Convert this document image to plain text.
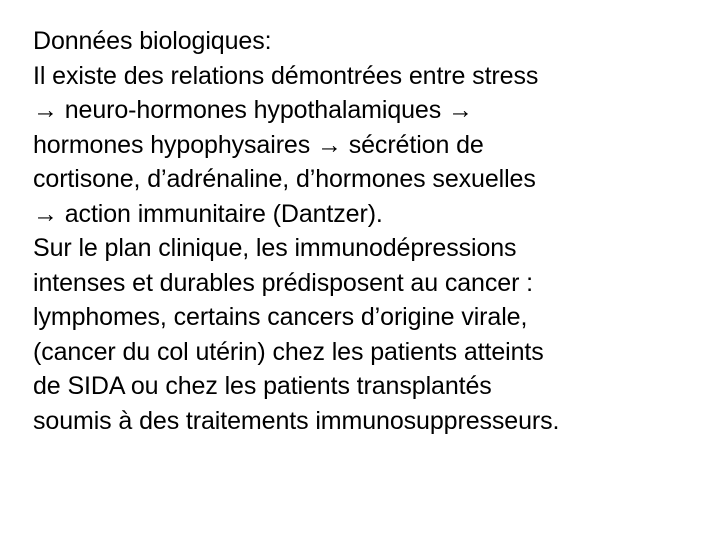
Données biologiques:
Il existe des relations démontrées entre stress
→ neuro-hormones hypothalamiques →
hormones hypophysaires → sécrétion de
cortisone, d’adrénaline, d’hormones sexuelles
→ action immunitaire (Dantzer).
Sur le plan clinique, les immunodépressions
intenses et durables prédisposent au cancer :
lymphomes, certains cancers d’origine virale,
(cancer du col utérin) chez les patients atteints
de SIDA ou chez les patients transplantés
soumis à des traitements immunosuppresseurs.
